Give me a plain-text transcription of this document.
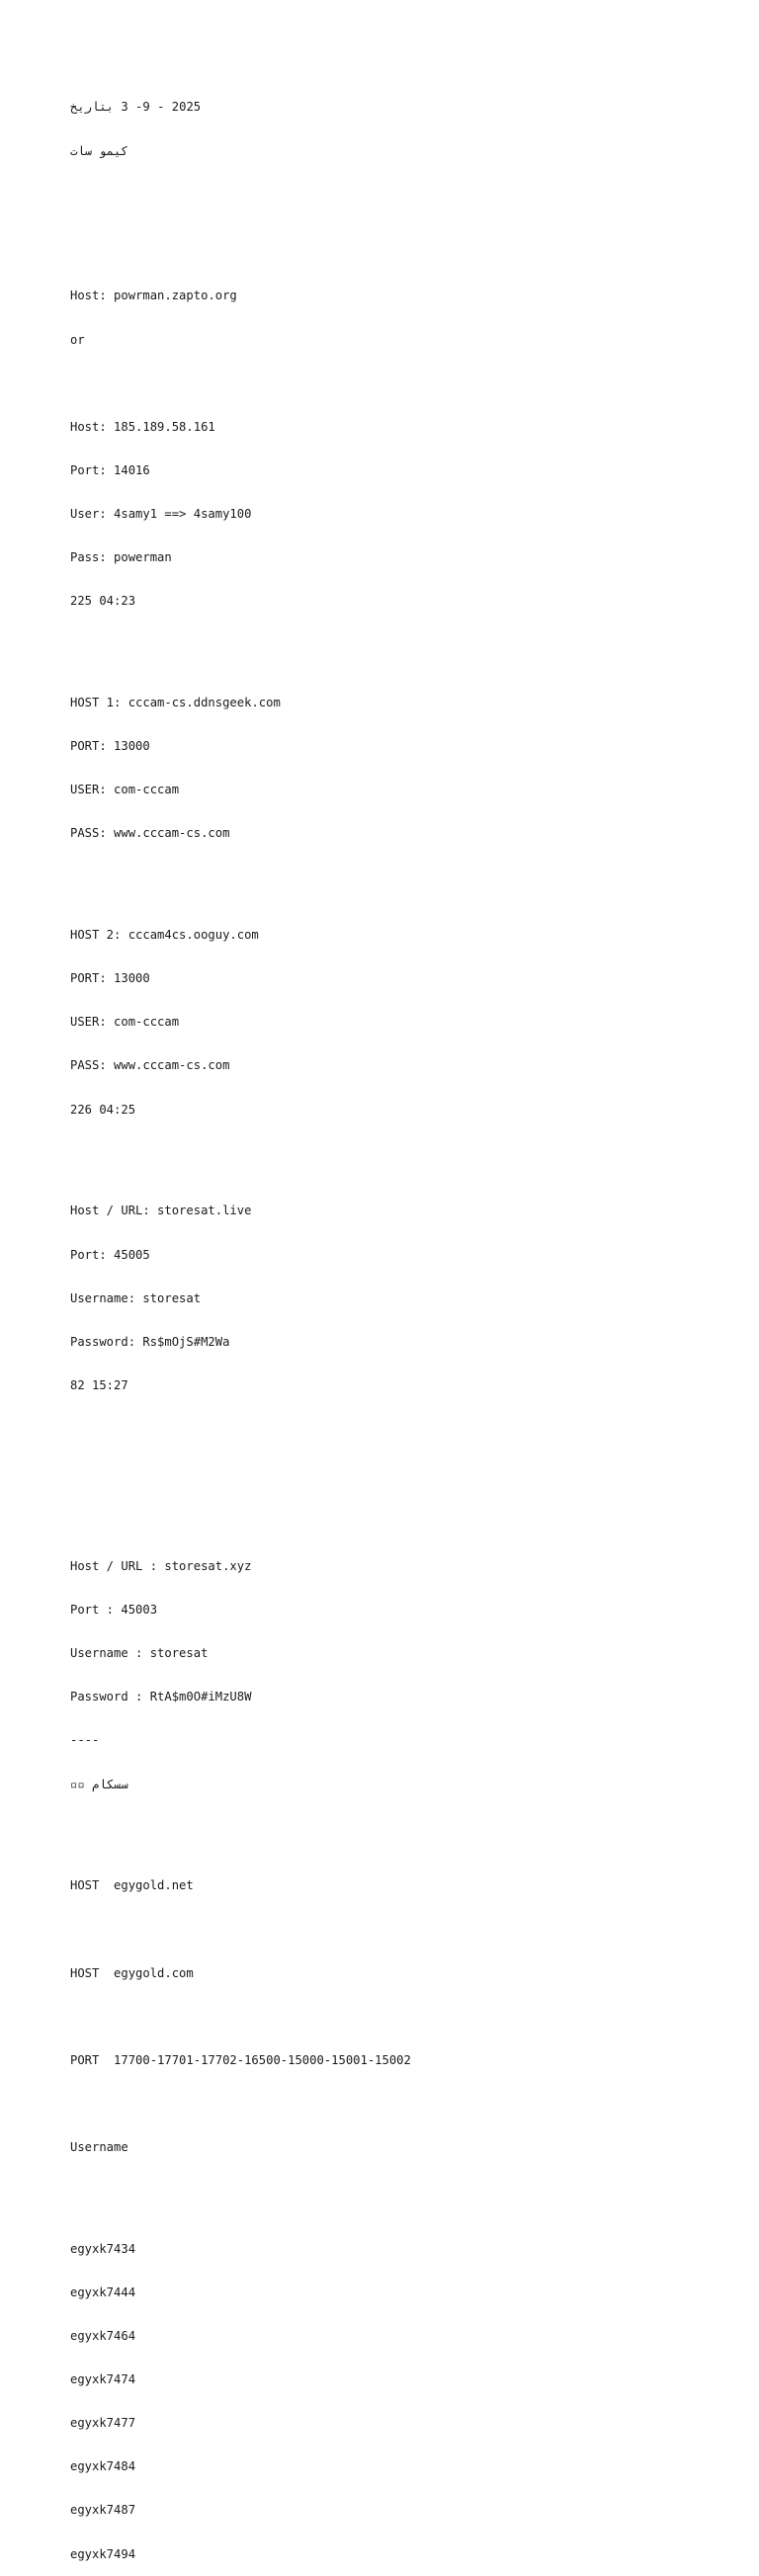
2025 - 9- 3 بتاريخ

كيمو سات

Host: powrman.zapto.org

or

Host: 185.189.58.161

Port: 14016

User: 4samy1 ==> 4samy100

Pass: powerman

225 04:23

HOST 1: cccam-cs.ddnsgeek.com

PORT: 13000

USER: com-cccam

PASS: www.cccam-cs.com

HOST 2: cccam4cs.ooguy.com

PORT: 13000

USER: com-cccam

PASS: www.cccam-cs.com

226 04:25

Host / URL: storesat.live

Port: 45005

Username: storesat

Password: Rs$mOjS#M2Wa

82 15:27

Host / URL : storesat.xyz

Port : 45003

Username : storesat

Password : RtA$m0O#iMzU8W

----

سسكام ▫▫

HOST  egygold.net

HOST  egygold.com

PORT  17700-17701-17702-16500-15000-15001-15002

Username

egyxk7434

egyxk7444

egyxk7464

egyxk7474

egyxk7477

egyxk7484

egyxk7487

egyxk7494
